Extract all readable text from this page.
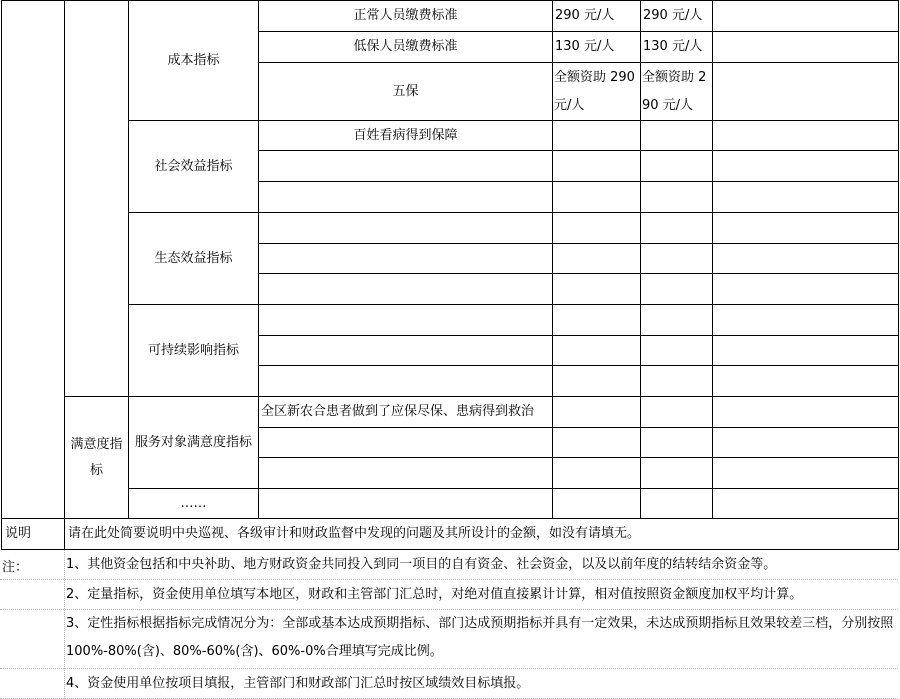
		成本指标	正常人员缴费标准	290 元/人	290 元/人	
			低保人员缴费标准	130 元/人	130 元/人	
			五保	全额资助 290 元/人	全额资助 290 元/人	
		社会效益指标	百姓看病得到保障			

		生态效益指标				

		可持续影响指标				

	满意度指标	服务对象满意度指标	全区新农合患者做到了应保尽保、患病得到救治			

		……				
说明	请在此处简要说明中央巡视、各级审计和财政监督中发现的问题及其所设计的金额，如没有请填无。					
注：	1、其他资金包括和中央补助、地方财政资金共同投入到同一项目的自有资金、社会资金，以及以前年度的结转结余资金等。
2、定量指标，资金使用单位填写本地区，财政和主管部门汇总时，对绝对值直接累计计算，相对值按照资金额度加权平均计算。
3、定性指标根据指标完成情况分为：全部或基本达成预期指标、部门达成预期指标并具有一定效果，未达成预期指标且效果较差三档，分别按照 100%-80%(含)、80%-60%(含)、60%-0%合理填写完成比例。
4、资金使用单位按项目填报，主管部门和财政部门汇总时按区域绩效目标填报。
